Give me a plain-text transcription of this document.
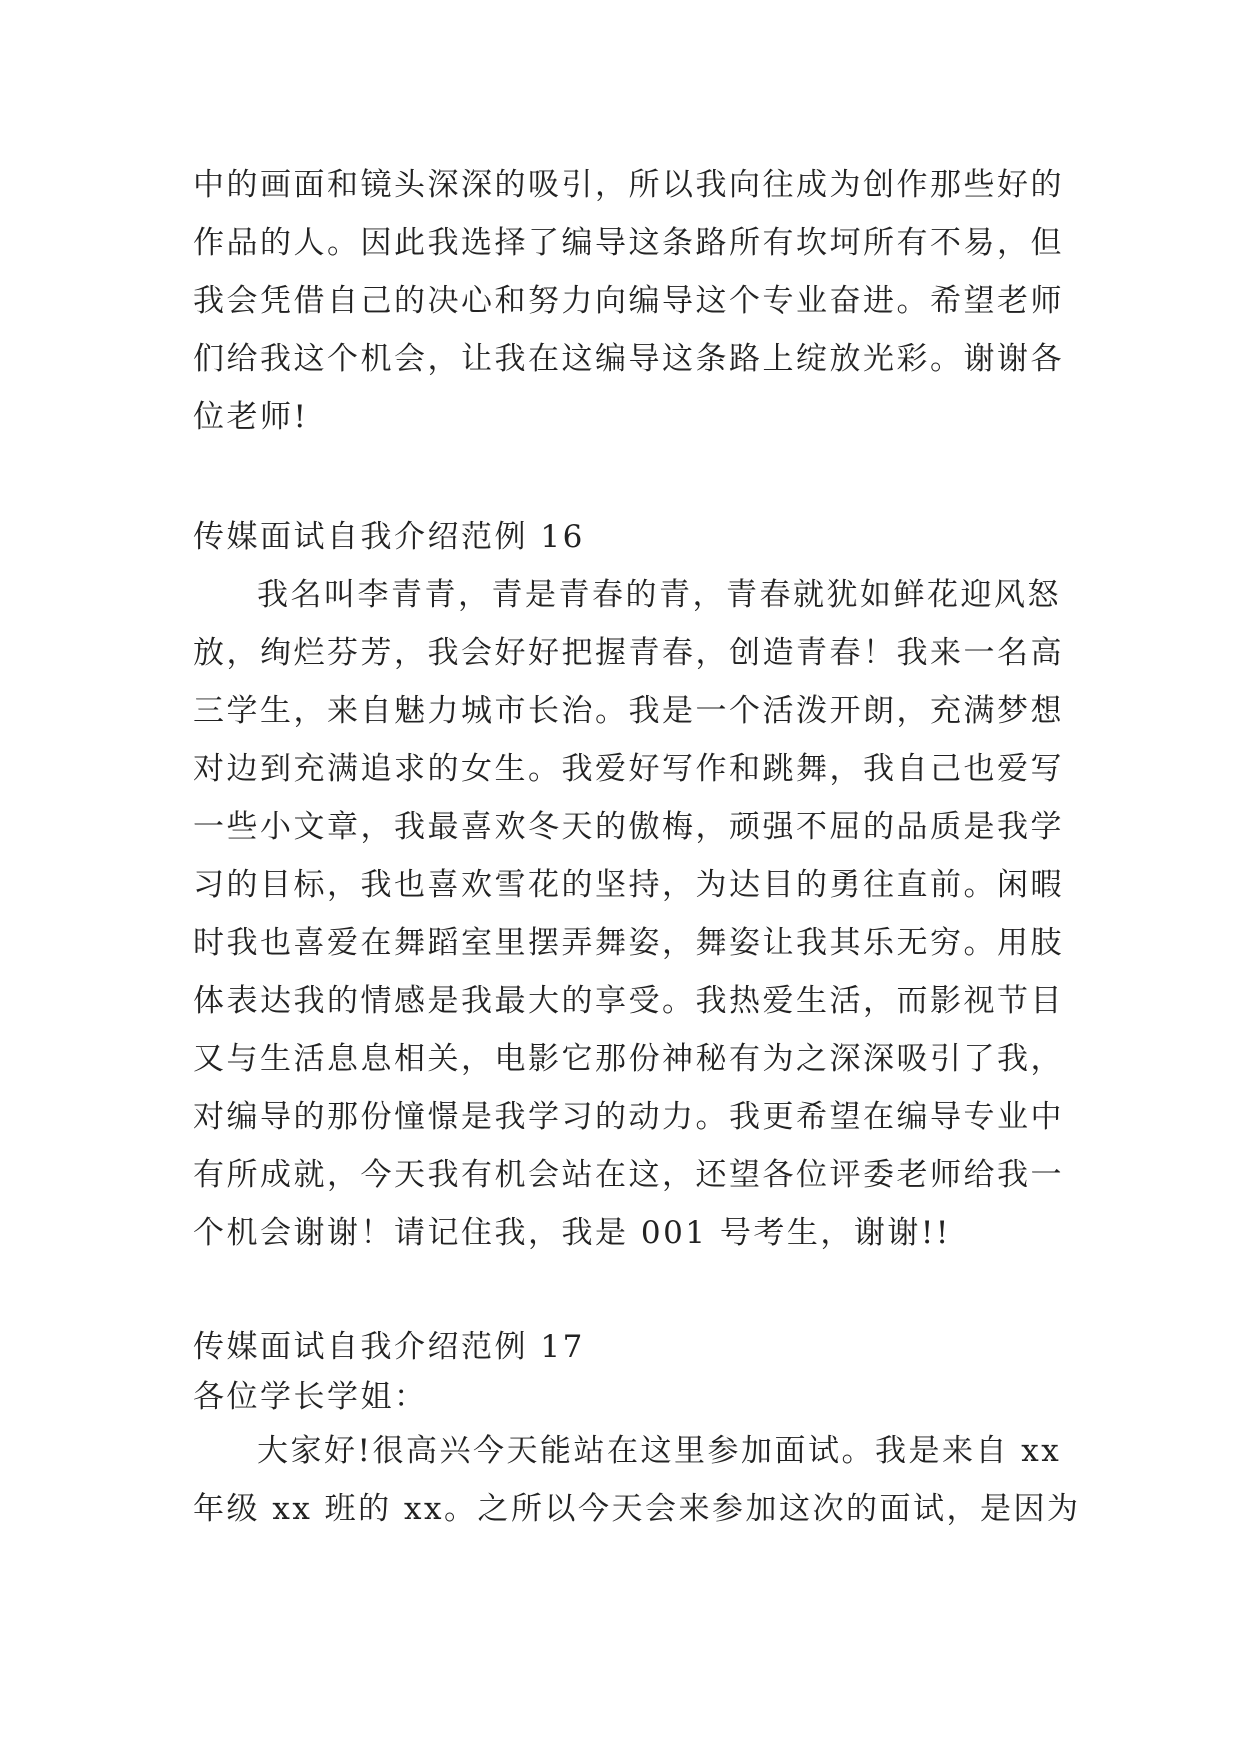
中的画面和镜头深深的吸引，所以我向往成为创作那些好的
作品的人。因此我选择了编导这条路所有坎坷所有不易，但
我会凭借自己的决心和努力向编导这个专业奋进。希望老师
们给我这个机会，让我在这编导这条路上绽放光彩。谢谢各
位老师!
传媒面试自我介绍范例 16
我名叫李青青，青是青春的青，青春就犹如鲜花迎风怒
放，绚烂芬芳，我会好好把握青春，创造青春！我来一名高
三学生，来自魅力城市长治。我是一个活泼开朗，充满梦想
对边到充满追求的女生。我爱好写作和跳舞，我自己也爱写
一些小文章，我最喜欢冬天的傲梅，顽强不屈的品质是我学
习的目标，我也喜欢雪花的坚持，为达目的勇往直前。闲暇
时我也喜爱在舞蹈室里摆弄舞姿，舞姿让我其乐无穷。用肢
体表达我的情感是我最大的享受。我热爱生活，而影视节目
又与生活息息相关，电影它那份神秘有为之深深吸引了我，
对编导的那份憧憬是我学习的动力。我更希望在编导专业中
有所成就，今天我有机会站在这，还望各位评委老师给我一
个机会谢谢！请记住我，我是 001 号考生，谢谢!!
传媒面试自我介绍范例 17
各位学长学姐：
大家好!很高兴今天能站在这里参加面试。我是来自 xx
年级 xx 班的 xx。之所以今天会来参加这次的面试，是因为
